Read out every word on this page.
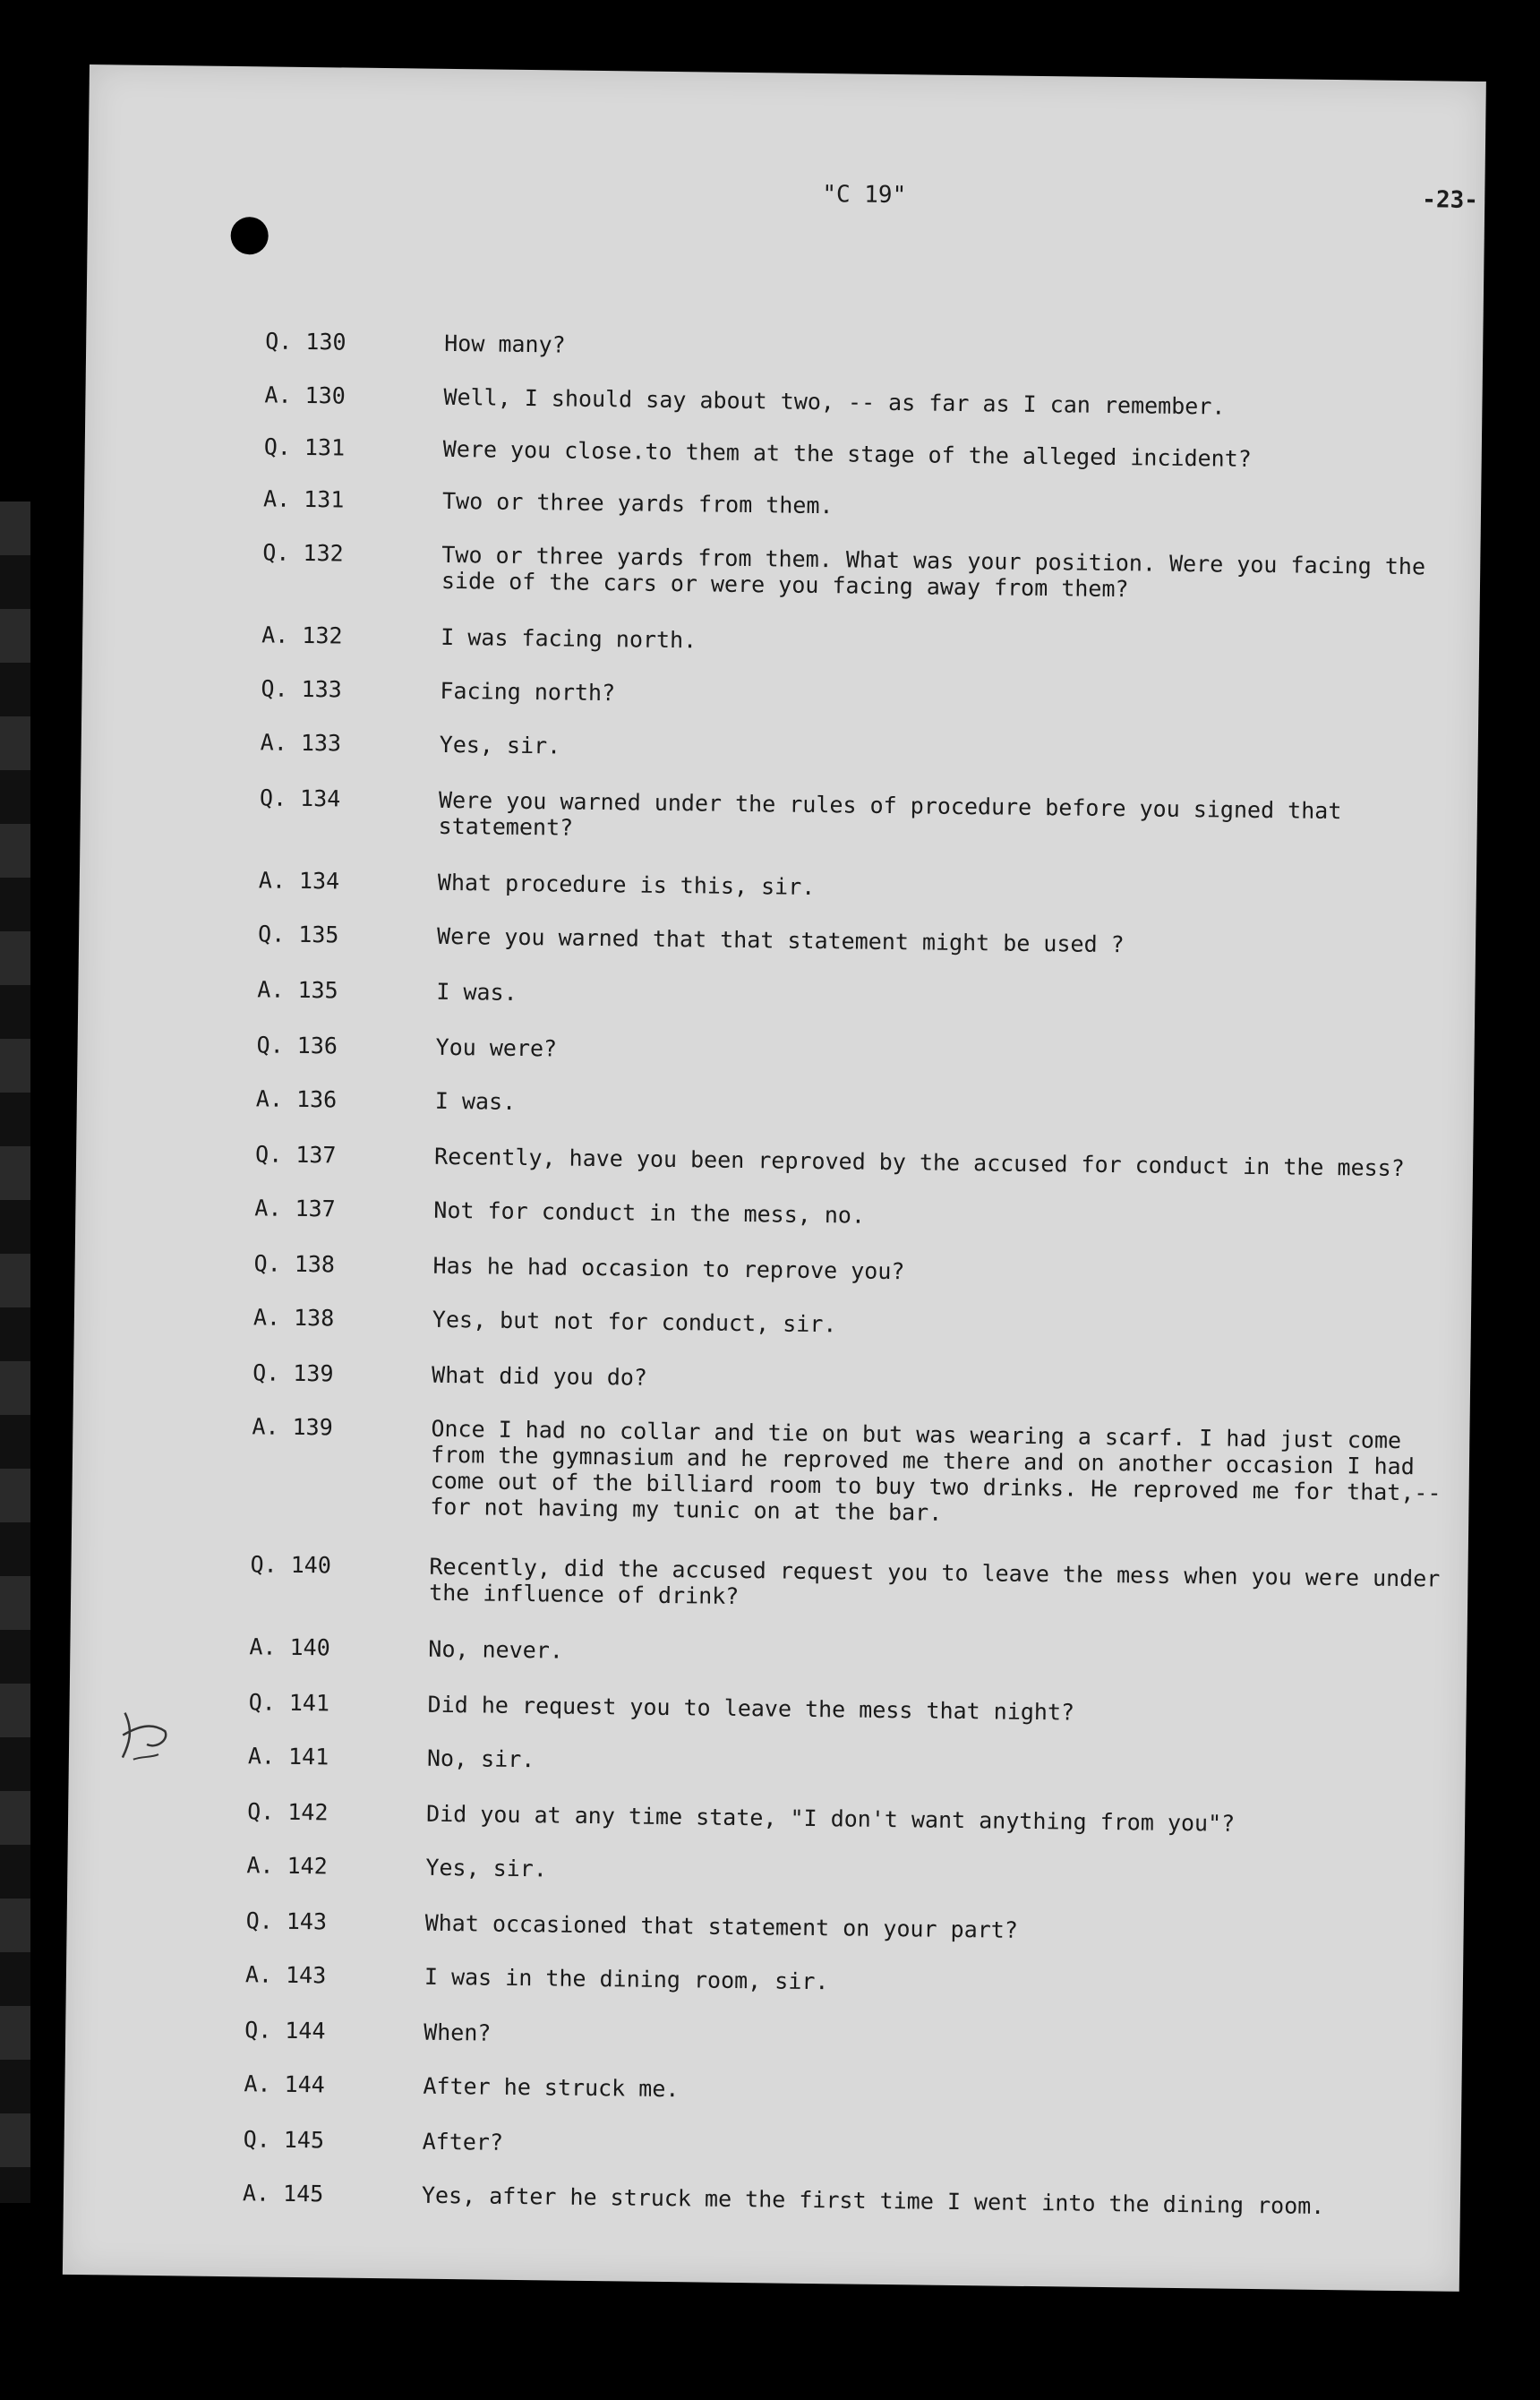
"C 19"	-23-
Q. 130	How many?
A. 130	Well, I should say about two, -- as far as I can remember.
Q. 131	Were you close.to them at the stage of the alleged incident?
A. 131	Two or three yards from them.
Q. 132	Two or three yards from them. What was your position. Were you facing the side of the cars or were you facing away from them?
A. 132	I was facing north.
Q. 133	Facing north?
A. 133	Yes, sir.
Q. 134	Were you warned under the rules of procedure before you signed that statement?
A. 134	What procedure is this, sir.
Q. 135	Were you warned that that statement might be used ?
A. 135	I was.
Q. 136	You were?
A. 136	I was.
Q. 137	Recently, have you been reproved by the accused for conduct in the mess?
A. 137	Not for conduct in the mess, no.
Q. 138	Has he had occasion to reprove you?
A. 138	Yes, but not for conduct, sir.
Q. 139	What did you do?
A. 139	Once I had no collar and tie on but was wearing a scarf. I had just come from the gymnasium and he reproved me there and on another occasion I had come out of the billiard room to buy two drinks. He reproved me for that,-- for not having my tunic on at the bar.
Q. 140	Recently, did the accused request you to leave the mess when you were under the influence of drink?
A. 140	No, never.
Q. 141	Did he request you to leave the mess that night?
A. 141	No, sir.
Q. 142	Did you at any time state, "I don't want anything from you"?
A. 142	Yes, sir.
Q. 143	What occasioned that statement on your part?
A. 143	I was in the dining room, sir.
Q. 144	When?
A. 144	After he struck me.
Q. 145	After?
A. 145	Yes, after he struck me the first time I went into the dining room.
